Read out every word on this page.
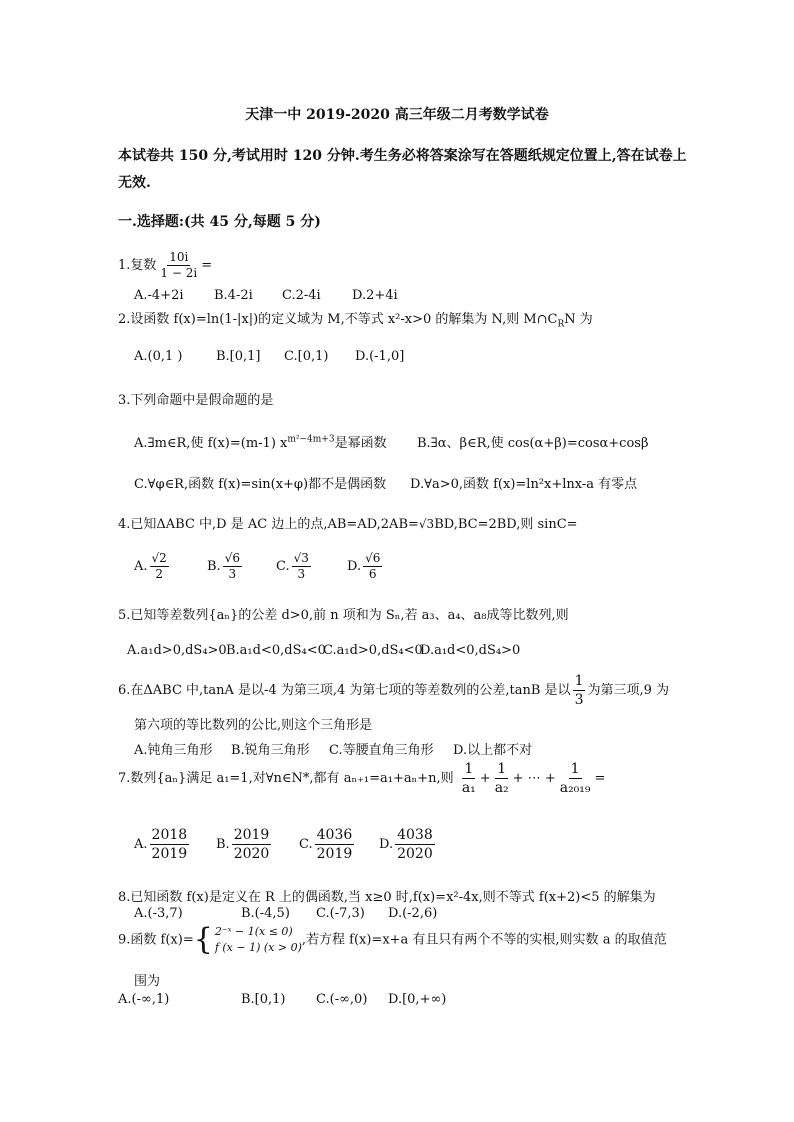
天津一中 2019-2020 高三年级二月考数学试卷
本试卷共 150 分,考试用时 120 分钟.考生务必将答案涂写在答题纸规定位置上,答在试卷上
无效.
一.选择题:(共 45 分,每题 5 分)
1.复数 $\frac{10i}{1 - 2i}$ =
A.-4+2i B.4-2i C.2-4i D.2+4i
2.设函数 f(x)=ln(1-|x|)的定义域为 M,不等式 x²-x>0 的解集为 N,则 $M\cap C_RN$ 为
A.(0,1 )	B.[0,1] C.[0,1) D.(-1,0]
3.下列命题中是假命题的是
A.∃m∈R,使 f(x)=(m-1) $x^{m^2-4m+3}$是幂函数 B.∃α、β∈R,使 cos(α+β)=cosα+cosβ
C.∀φ∈R,函数 f(x)=sin(x+φ)都不是偶函数 D.∀a>0,函数 f(x)=ln²x+lnx-a 有零点
4.已知ΔABC 中,D 是 AC 边上的点,AB=AD,2AB=√3BD,BC=2BD,则 sinC=
A. $\frac{√2}{2}$	B. $\frac{√6}{3}$	C. $\frac{√3}{3}$	D. $\frac{√6}{6}$
5.已知等差数列{aₙ}的公差 d>0,前 n 项和为 Sₙ,若 a₃、a₄、a₈成等比数列,则
A.a₁d>0,dS₄>0 B.a₁d<0,dS₄<0
C.a₁d>0,dS₄<0
D.a₁d<0,dS₄>0
6.在ΔABC 中,tanA 是以-4 为第三项,4 为第七项的等差数列的公差,tanB 是以 $\frac{1}{3}$ 为第三项,9 为
第六项的等比数列的公比,则这个三角形是
A.钝角三角形 B.锐角三角形 C.等腰直角三角形 D.以上都不对
7.数列{aₙ}满足 a₁=1,对∀n∈N*,都有 aₙ₊₁=a₁+aₙ+n,则 $\frac{1}{\text{a₁}} + \frac{1}{\text{a₂}}$ + ⋯ + $\frac{1}{\text{a₂₀₁₉}}$ =
A. $\frac{2018}{2019} B$. $\frac{2019}{2020} C$. $\frac{4036}{2019} D$. $\frac{4038}{2020}$
8.已知函数 f(x)是定义在 R 上的偶函数,当 x≥0 时,f(x)=x²-4x,则不等式 f(x+2)<5 的解集为
A.(-3,7)	B.(-4,5) C.(-7,3) D.(-2,6)
9.函数 f(x)={ 2⁻ˣ − 1(x ≤ 0)
f (x − 1) (x > 0) ,若方程 f(x)=x+a 有且只有两个不等的实根,则实数 a 的取值范
围为
A.(-∞,1)	B.[0,1) C.(-∞,0) D.[0,+∞)
